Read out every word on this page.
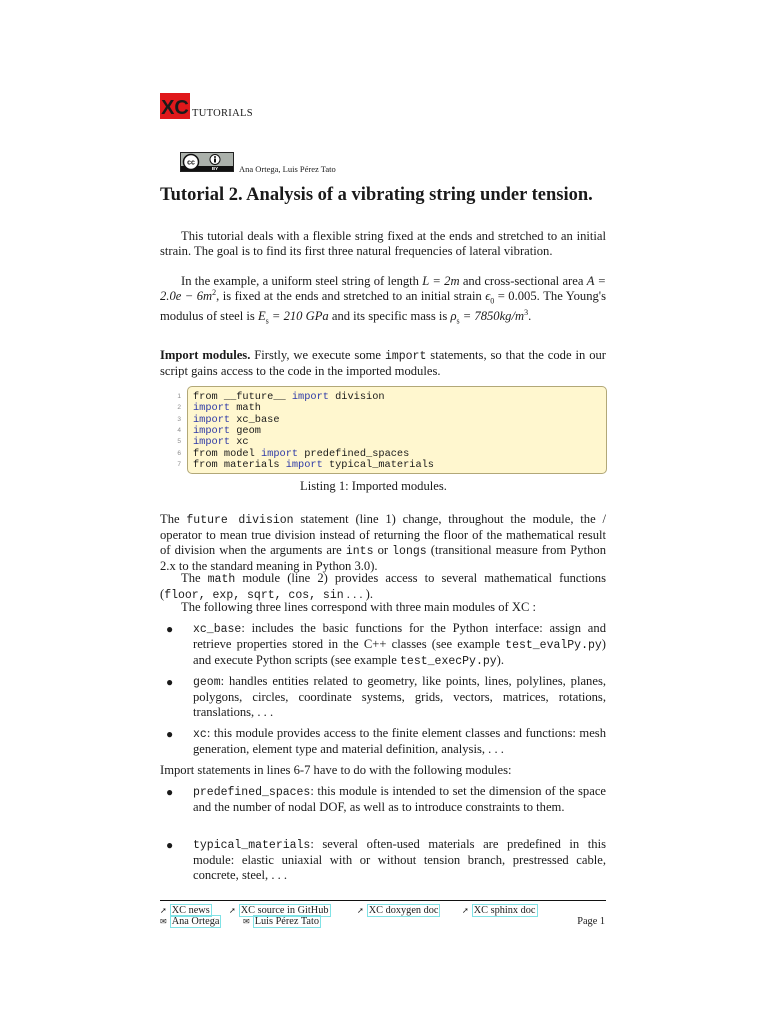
XC TUTORIALS
cc
BY Ana Ortega, Luis Pérez Tato
Tutorial 2. Analysis of a vibrating string under tension.
This tutorial deals with a flexible string fixed at the ends and stretched to an initial strain. The goal is to find its first three natural frequencies of lateral vibration.
In the example, a uniform steel string of length L = 2m and cross-sectional area $A = 2.0e - 6m^2$, is fixed at the ends and stretched to an initial strain $\epsilon_0 = 0.005$. The Young's modulus of steel is $E_s = 210$ GPa and its specific mass is $\rho_s = 7850kg/m^3$.
Import modules. Firstly, we execute some import statements, so that the code in our script gains access to the code in the imported modules.
1 from __future__ import division
2 import math
3 import xc_base
4 import geom
5 import xc
6 from model import predefined_spaces
7 from materials import typical_materials
Listing 1: Imported modules.
The future division statement (line 1) change, throughout the module, the / operator to mean true division instead of returning the floor of the mathematical result of division when the arguments are ints or longs (transitional measure from Python 2.x to the standard meaning in Python 3.0).
The math module (line 2) provides access to several mathematical functions (floor, exp, sqrt, cos, sin . . . ).
The following three lines correspond with three main modules of XC :
● xc_base: includes the basic functions for the Python interface: assign and retrieve properties stored in the C++ classes (see example test_evalPy.py) and execute Python scripts (see example test_execPy.py).
● geom: handles entities related to geometry, like points, lines, polylines, planes, polygons, circles, coordinate systems, grids, vectors, matrices, rotations, translations, . . .
● xc: this module provides access to the finite element classes and functions: mesh generation, element type and material definition, analysis, . . .
Import statements in lines 6-7 have to do with the following modules:
● predefined_spaces: this module is intended to set the dimension of the space and the number of nodal DOF, as well as to introduce constraints to them.
● typical_materials: several often-used materials are predefined in this module: elastic uniaxial with or without tension branch, prestressed cable, concrete, steel, . . .
➚ XC news ➚ XC source in GitHub	➚ XC doxygen doc	➚ XC sphinx doc
✉ Ana Ortega	✉ Luis Pérez Tato	Page 1
